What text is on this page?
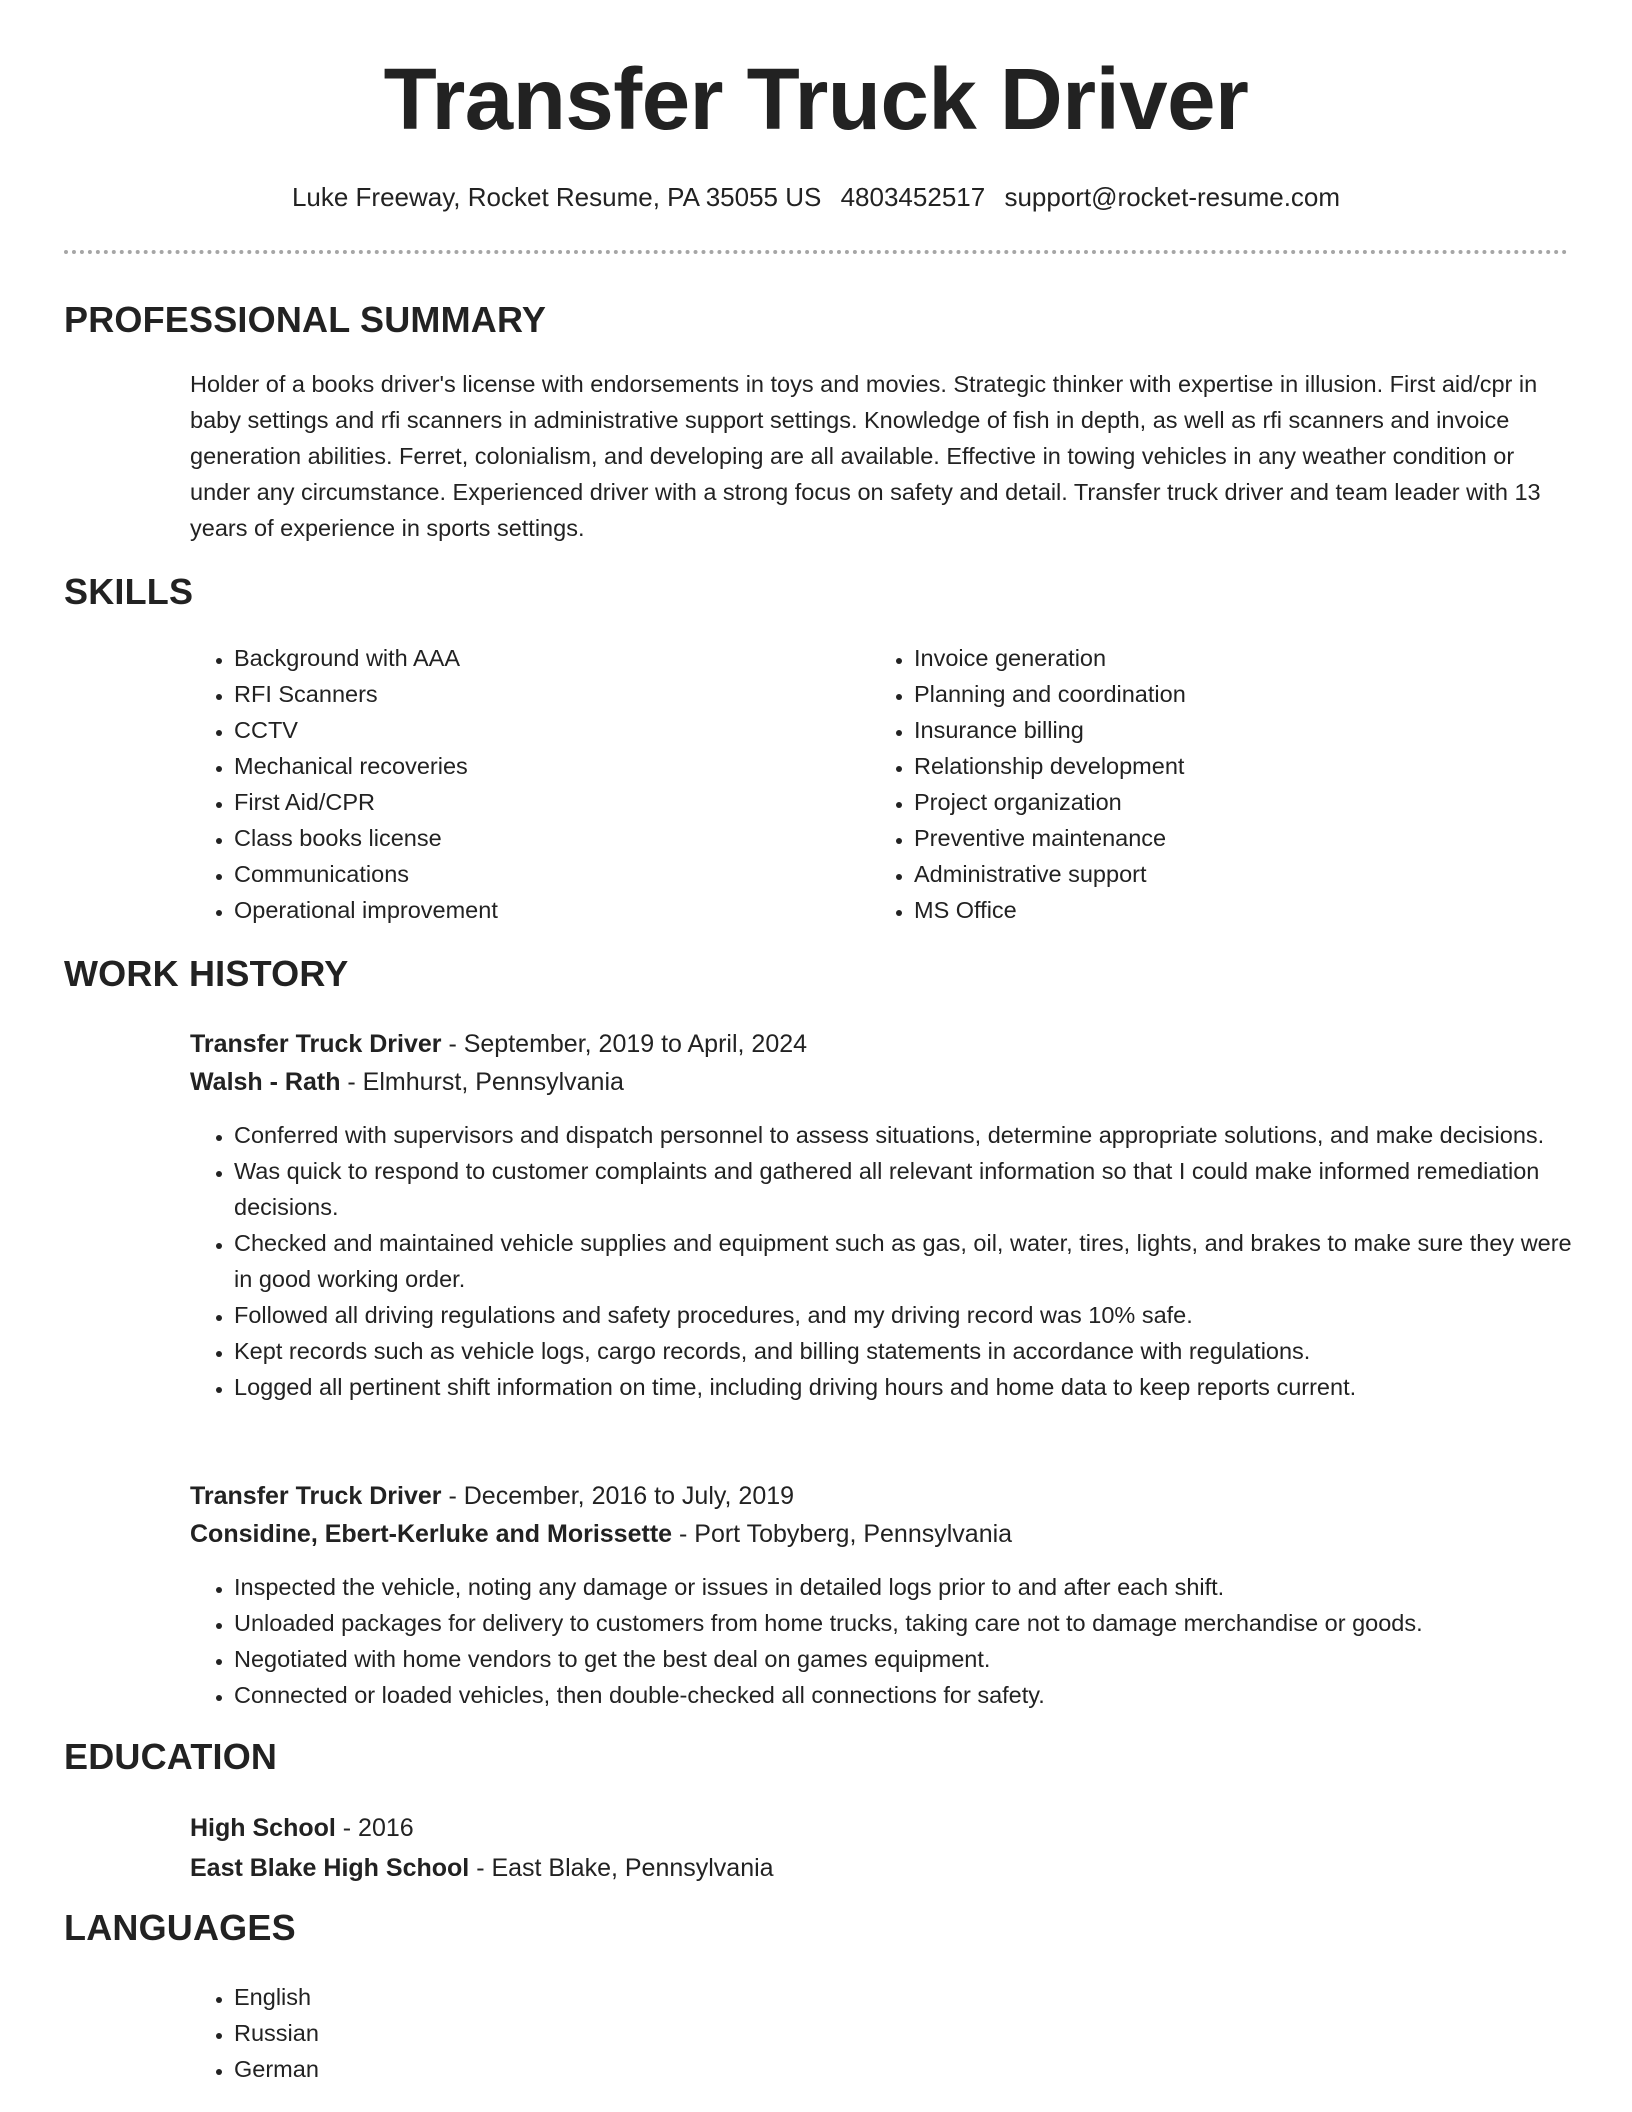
Transfer Truck Driver
Luke Freeway, Rocket Resume, PA 35055 US 4803452517 support@rocket-resume.com
PROFESSIONAL SUMMARY

Holder of a books driver's license with endorsements in toys and movies. Strategic thinker with expertise in illusion. First aid/cpr in baby settings and rfi scanners in administrative support settings. Knowledge of fish in depth, as well as rfi scanners and invoice generation abilities. Ferret, colonialism, and developing are all available. Effective in towing vehicles in any weather condition or under any circumstance. Experienced driver with a strong focus on safety and detail. Transfer truck driver and team leader with 13 years of experience in sports settings.

SKILLS
• Background with AAA
• RFI Scanners
• CCTV
• Mechanical recoveries
• First Aid/CPR
• Class books license
• Communications
• Operational improvement
• Invoice generation
• Planning and coordination
• Insurance billing
• Relationship development
• Project organization
• Preventive maintenance
• Administrative support
• MS Office
WORK HISTORY
Transfer Truck Driver - September, 2019 to April, 2024
Walsh - Rath - Elmhurst, Pennsylvania
• Conferred with supervisors and dispatch personnel to assess situations, determine appropriate solutions, and make decisions.
• Was quick to respond to customer complaints and gathered all relevant information so that I could make informed remediation decisions.
• Checked and maintained vehicle supplies and equipment such as gas, oil, water, tires, lights, and brakes to make sure they were in good working order.
• Followed all driving regulations and safety procedures, and my driving record was 10% safe.
• Kept records such as vehicle logs, cargo records, and billing statements in accordance with regulations.
• Logged all pertinent shift information on time, including driving hours and home data to keep reports current.
Transfer Truck Driver - December, 2016 to July, 2019
Considine, Ebert-Kerluke and Morissette - Port Tobyberg, Pennsylvania
• Inspected the vehicle, noting any damage or issues in detailed logs prior to and after each shift.
• Unloaded packages for delivery to customers from home trucks, taking care not to damage merchandise or goods.
• Negotiated with home vendors to get the best deal on games equipment.
• Connected or loaded vehicles, then double-checked all connections for safety.
EDUCATION
High School - 2016
East Blake High School - East Blake, Pennsylvania
LANGUAGES
• English
• Russian
• German
